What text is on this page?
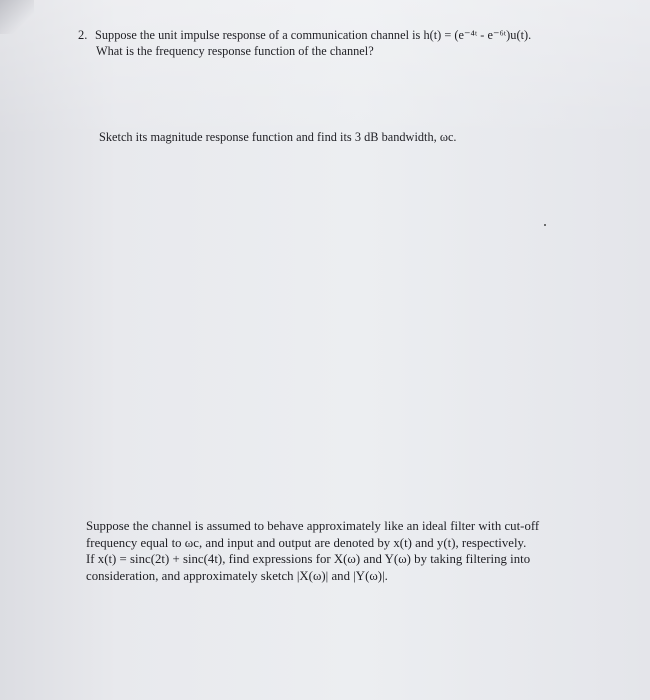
2. Suppose the unit impulse response of a communication channel is h(t) = (e⁻⁴ᵗ - e⁻⁶ᵗ)u(t).
What is the frequency response function of the channel?
Sketch its magnitude response function and find its 3 dB bandwidth, ωc.
Suppose the channel is assumed to behave approximately like an ideal filter with cut-off
frequency equal to ωc, and input and output are denoted by x(t) and y(t), respectively.
If x(t) = sinc(2t) + sinc(4t), find expressions for X(ω) and Y(ω) by taking filtering into
consideration, and approximately sketch |X(ω)| and |Y(ω)|.
